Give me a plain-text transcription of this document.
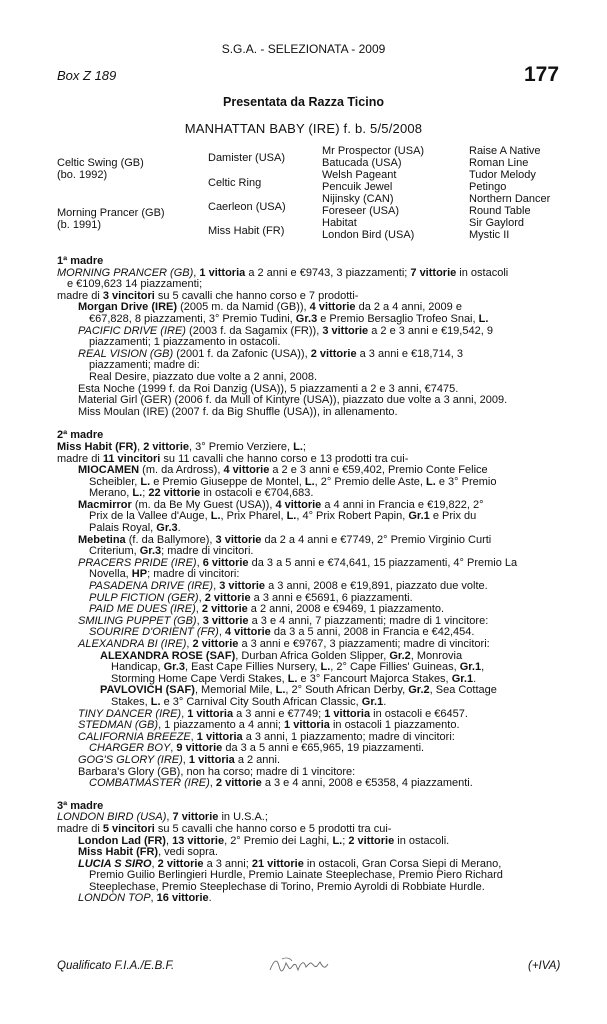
S.G.A. - SELEZIONATA - 2009
Box Z 189	177
Presentata da Razza Ticino
MANHATTAN BABY (IRE) f. b. 5/5/2008
Celtic Swing (GB)
(bo. 1992)
Morning Prancer (GB)
(b. 1991)
Damister (USA)
Celtic Ring
Caerleon (USA)
Miss Habit (FR)
Mr Prospector (USA)
Batucada (USA)
Welsh Pageant
Pencuik Jewel
Nijinsky (CAN)
Foreseer (USA)
Habitat
London Bird (USA)
Raise A Native
Roman Line
Tudor Melody
Petingo
Northern Dancer
Round Table
Sir Gaylord
Mystic II
1ª madre
MORNING PRANCER (GB), 1 vittoria a 2 anni e €9743, 3 piazzamenti; 7 vittorie in ostacoli
e €109,623 14 piazzamenti;
madre di 3 vincitori su 5 cavalli che hanno corso e 7 prodotti-
Morgan Drive (IRE) (2005 m. da Namid (GB)), 4 vittorie da 2 a 4 anni, 2009 e
€67,828, 8 piazzamenti, 3° Premio Tudini, Gr.3 e Premio Bersaglio Trofeo Snai, L.
PACIFIC DRIVE (IRE) (2003 f. da Sagamix (FR)), 3 vittorie a 2 e 3 anni e €19,542, 9
piazzamenti; 1 piazzamento in ostacoli.
REAL VISION (GB) (2001 f. da Zafonic (USA)), 2 vittorie a 3 anni e €18,714, 3
piazzamenti; madre di:
Real Desire, piazzato due volte a 2 anni, 2008.
Esta Noche (1999 f. da Roi Danzig (USA)), 5 piazzamenti a 2 e 3 anni, €7475.
Material Girl (GER) (2006 f. da Mull of Kintyre (USA)), piazzato due volte a 3 anni, 2009.
Miss Moulan (IRE) (2007 f. da Big Shuffle (USA)), in allenamento.
2ª madre
Miss Habit (FR), 2 vittorie, 3° Premio Verziere, L.;
madre di 11 vincitori su 11 cavalli che hanno corso e 13 prodotti tra cui-
MIOCAMEN (m. da Ardross), 4 vittorie a 2 e 3 anni e €59,402, Premio Conte Felice
Scheibler, L. e Premio Giuseppe de Montel, L., 2° Premio delle Aste, L. e 3° Premio
Merano, L.; 22 vittorie in ostacoli e €704,683.
Macmirror (m. da Be My Guest (USA)), 4 vittorie a 4 anni in Francia e €19,822, 2°
Prix de la Vallee d'Auge, L., Prix Pharel, L., 4° Prix Robert Papin, Gr.1 e Prix du
Palais Royal, Gr.3.
Mebetina (f. da Ballymore), 3 vittorie da 2 a 4 anni e €7749, 2° Premio Virginio Curti
Criterium, Gr.3; madre di vincitori.
PRACERS PRIDE (IRE), 6 vittorie da 3 a 5 anni e €74,641, 15 piazzamenti, 4° Premio La
Novella, HP; madre di vincitori:
PASADENA DRIVE (IRE), 3 vittorie a 3 anni, 2008 e €19,891, piazzato due volte.
PULP FICTION (GER), 2 vittorie a 3 anni e €5691, 6 piazzamenti.
PAID ME DUES (IRE), 2 vittorie a 2 anni, 2008 e €9469, 1 piazzamento.
SMILING PUPPET (GB), 3 vittorie a 3 e 4 anni, 7 piazzamenti; madre di 1 vincitore:
SOURIRE D'ORIENT (FR), 4 vittorie da 3 a 5 anni, 2008 in Francia e €42,454.
ALEXANDRA BI (IRE), 2 vittorie a 3 anni e €9767, 3 piazzamenti; madre di vincitori:
ALEXANDRA ROSE (SAF), Durban Africa Golden Slipper, Gr.2, Monrovia
Handicap, Gr.3, East Cape Fillies Nursery, L., 2° Cape Fillies' Guineas, Gr.1,
Storming Home Cape Verdi Stakes, L. e 3° Fancourt Majorca Stakes, Gr.1.
PAVLOVICH (SAF), Memorial Mile, L., 2° South African Derby, Gr.2, Sea Cottage
Stakes, L. e 3° Carnival City South African Classic, Gr.1.
TINY DANCER (IRE), 1 vittoria a 3 anni e €7749; 1 vittoria in ostacoli e €6457.
STEDMAN (GB), 1 piazzamento a 4 anni; 1 vittoria in ostacoli 1 piazzamento.
CALIFORNIA BREEZE, 1 vittoria a 3 anni, 1 piazzamento; madre di vincitori:
CHARGER BOY, 9 vittorie da 3 a 5 anni e €65,965, 19 piazzamenti.
GOG'S GLORY (IRE), 1 vittoria a 2 anni.
Barbara's Glory (GB), non ha corso; madre di 1 vincitore:
COMBATMASTER (IRE), 2 vittorie a 3 e 4 anni, 2008 e €5358, 4 piazzamenti.
3ª madre
LONDON BIRD (USA), 7 vittorie in U.S.A.;
madre di 5 vincitori su 5 cavalli che hanno corso e 5 prodotti tra cui-
London Lad (FR), 13 vittorie, 2° Premio dei Laghi, L.; 2 vittorie in ostacoli.
Miss Habit (FR), vedi sopra.
LUCIA S SIRO, 2 vittorie a 3 anni; 21 vittorie in ostacoli, Gran Corsa Siepi di Merano,
Premio Guilio Berlingieri Hurdle, Premio Lainate Steeplechase, Premio Piero Richard
Steeplechase, Premio Steeplechase di Torino, Premio Ayroldi di Robbiate Hurdle.
LONDON TOP, 16 vittorie.
Qualificato F.I.A./E.B.F.	(+IVA)
